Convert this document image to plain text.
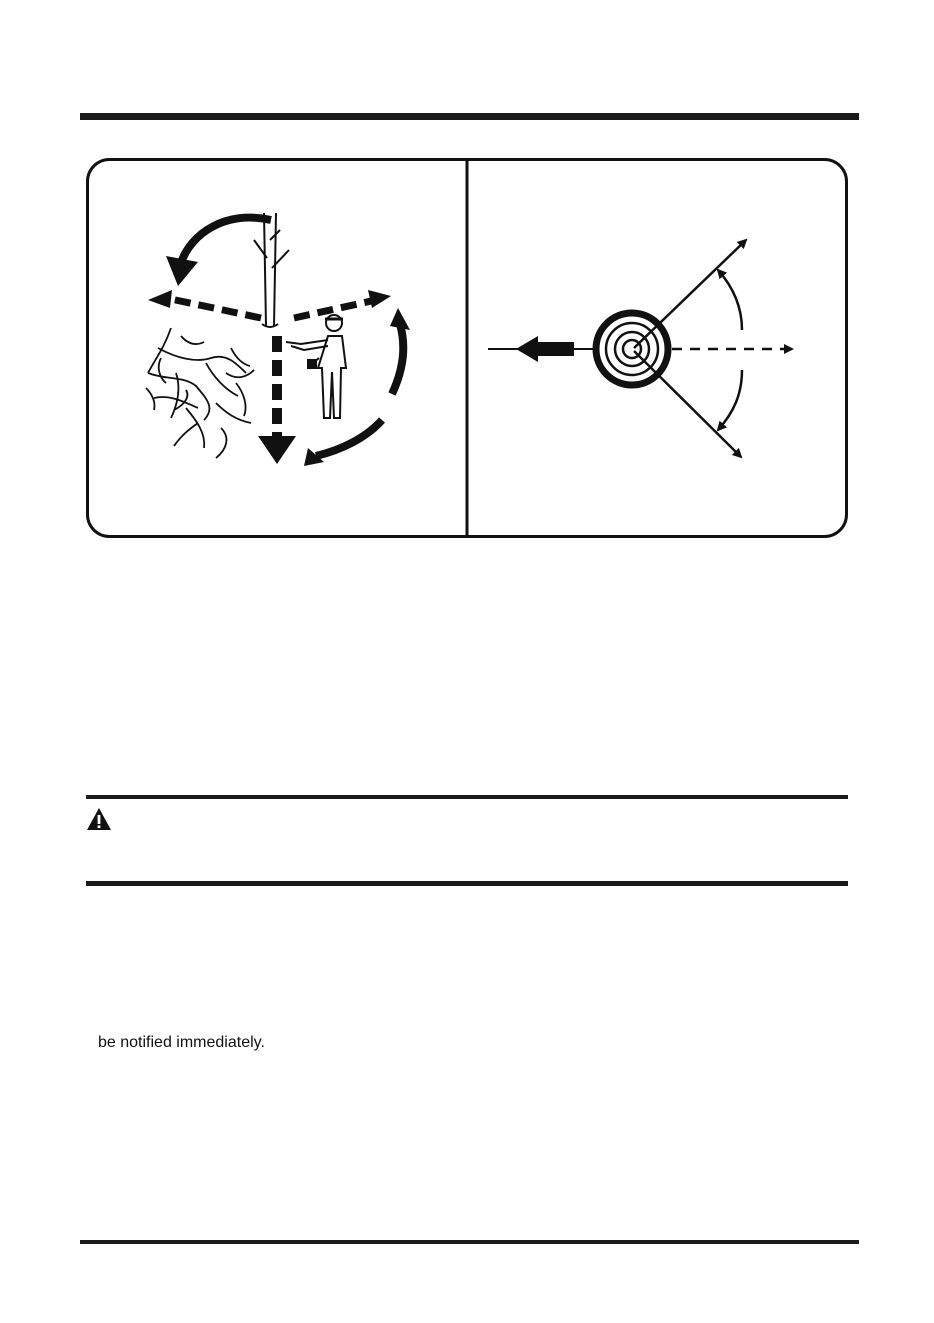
be notified immediately.
